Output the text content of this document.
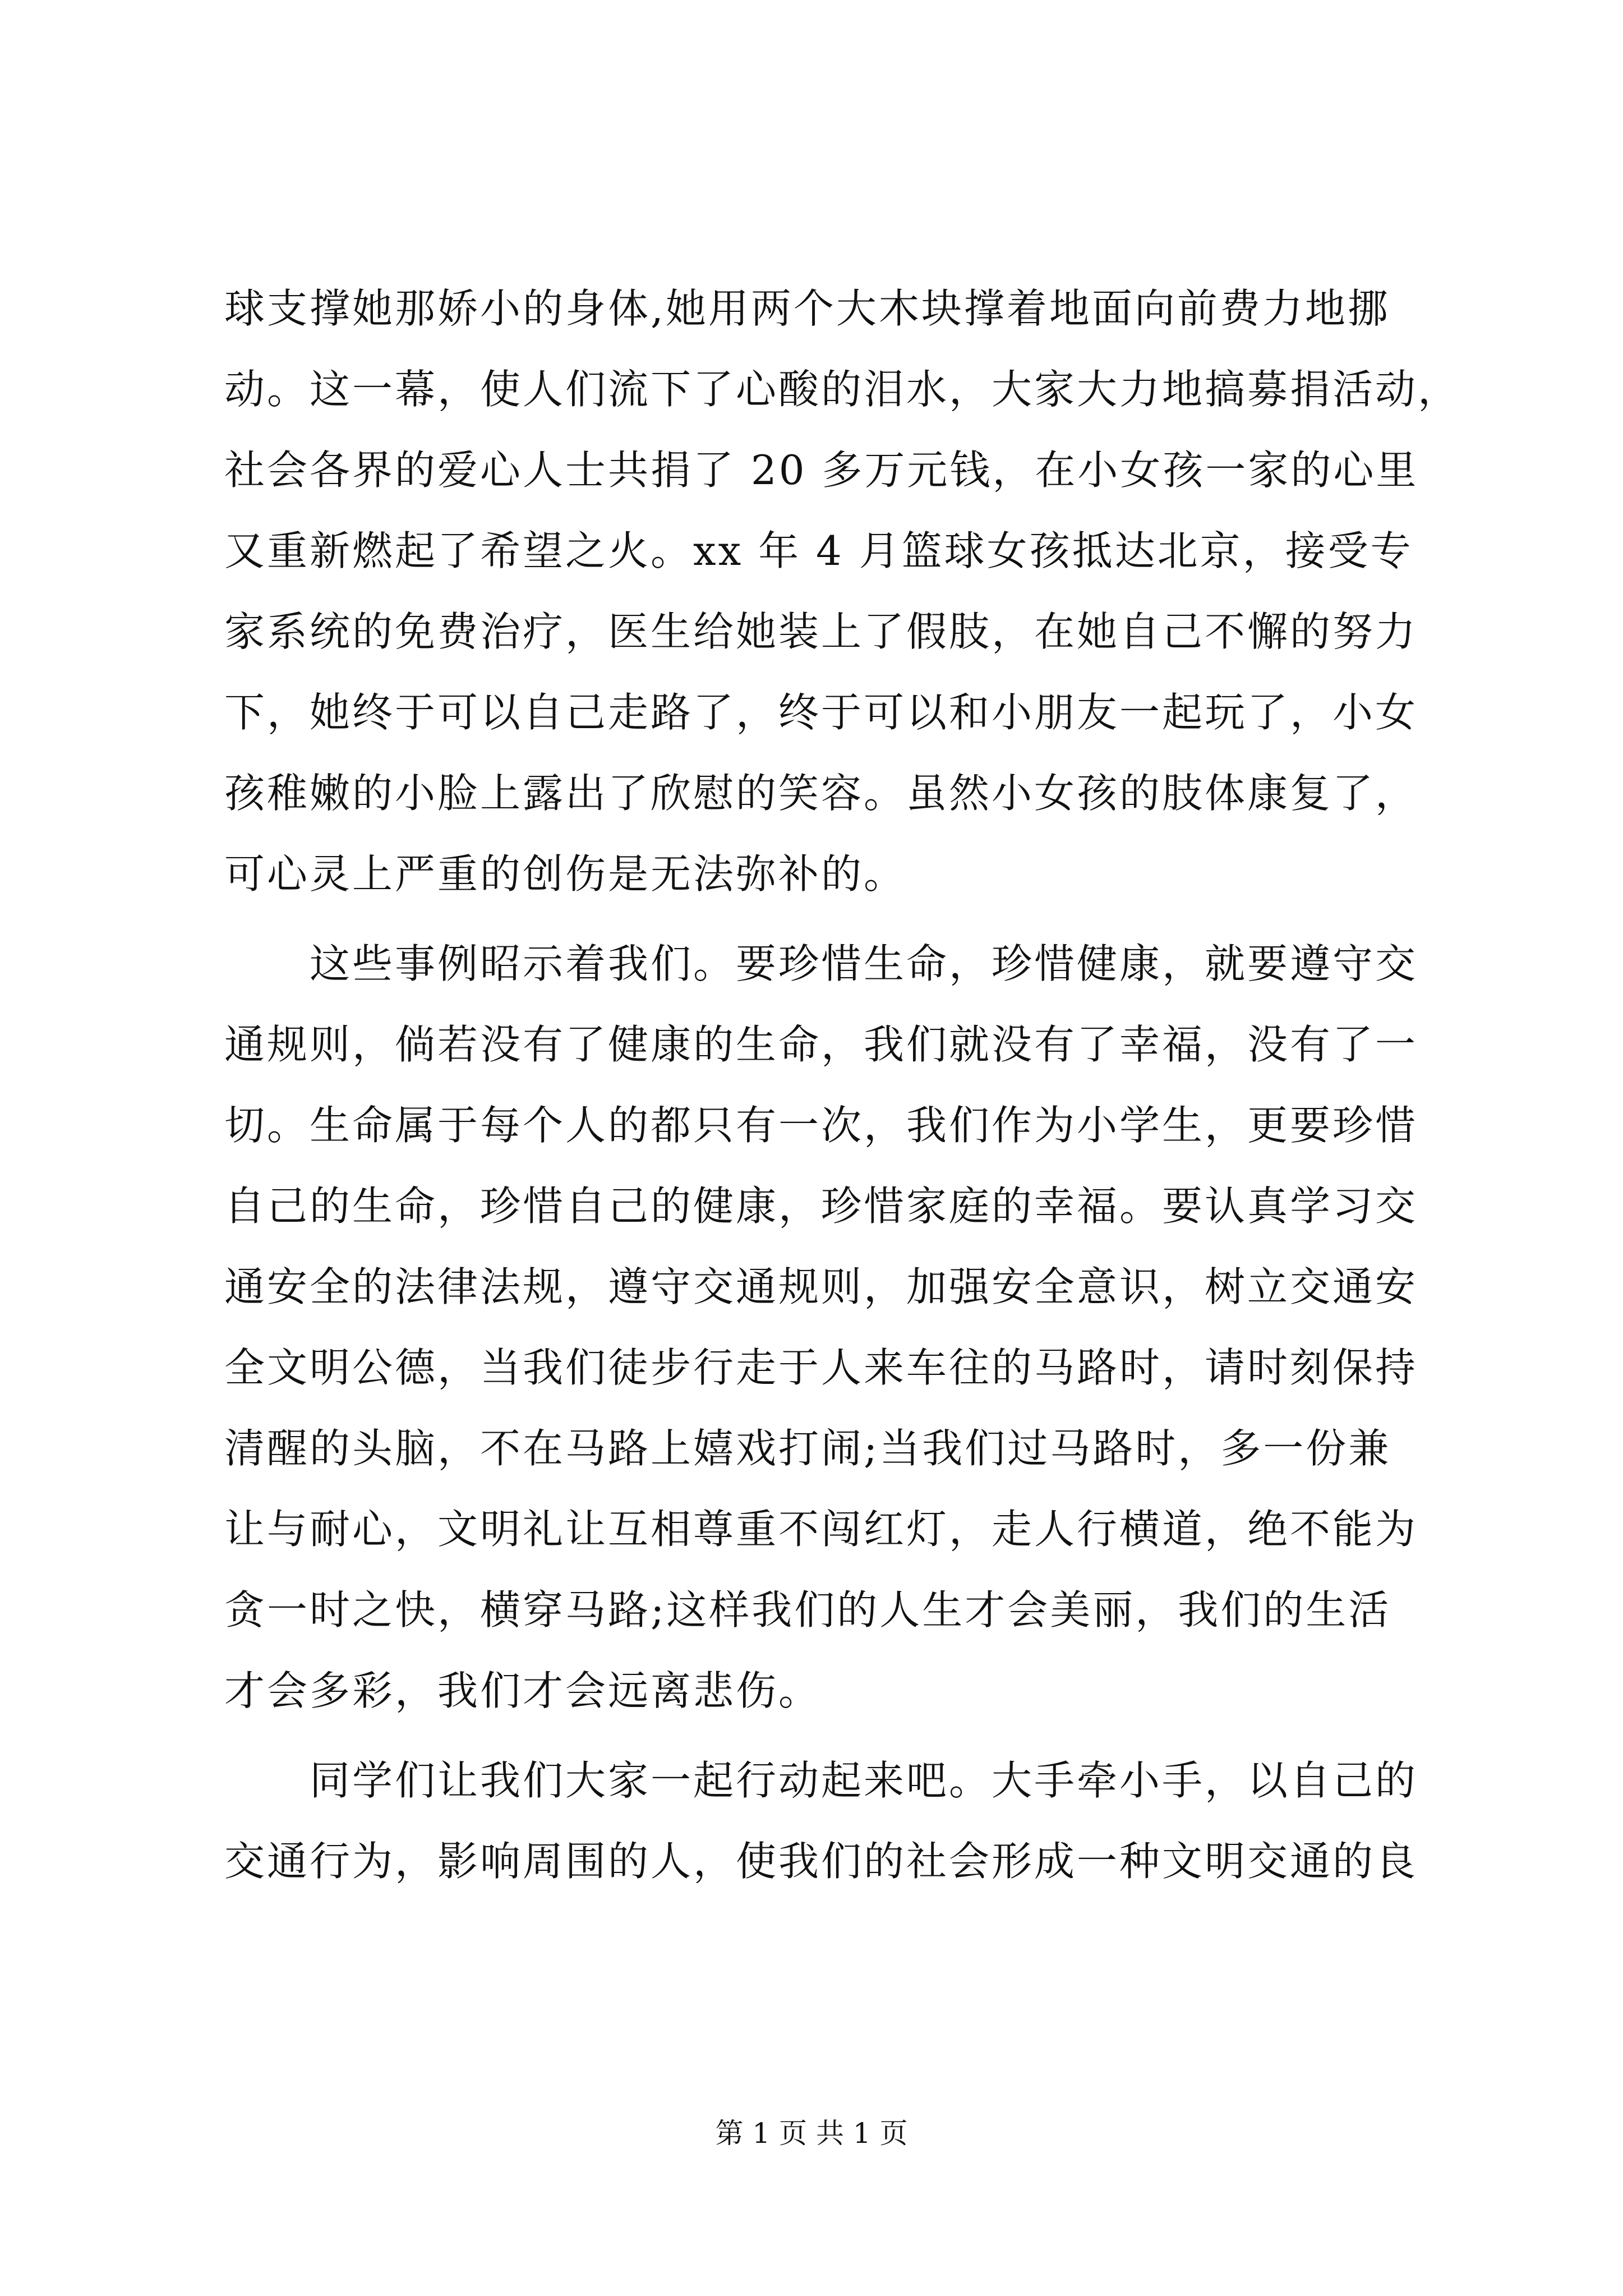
球支撑她那娇小的身体,她用两个大木块撑着地面向前费力地挪
动。这一幕，使人们流下了心酸的泪水，大家大力地搞募捐活动，
社会各界的爱心人士共捐了 20 多万元钱，在小女孩一家的心里
又重新燃起了希望之火。xx 年 4 月篮球女孩抵达北京，接受专
家系统的免费治疗，医生给她装上了假肢，在她自己不懈的努力
下，她终于可以自己走路了，终于可以和小朋友一起玩了，小女
孩稚嫩的小脸上露出了欣慰的笑容。虽然小女孩的肢体康复了，
可心灵上严重的创伤是无法弥补的。
　　这些事例昭示着我们。要珍惜生命，珍惜健康，就要遵守交
通规则，倘若没有了健康的生命，我们就没有了幸福，没有了一
切。生命属于每个人的都只有一次，我们作为小学生，更要珍惜
自己的生命，珍惜自己的健康，珍惜家庭的幸福。要认真学习交
通安全的法律法规，遵守交通规则，加强安全意识，树立交通安
全文明公德，当我们徒步行走于人来车往的马路时，请时刻保持
清醒的头脑，不在马路上嬉戏打闹;当我们过马路时，多一份兼
让与耐心，文明礼让互相尊重不闯红灯，走人行横道，绝不能为
贪一时之快，横穿马路;这样我们的人生才会美丽，我们的生活
才会多彩，我们才会远离悲伤。
　　同学们让我们大家一起行动起来吧。大手牵小手，以自己的
交通行为，影响周围的人，使我们的社会形成一种文明交通的良
第 1 页 共 1 页
